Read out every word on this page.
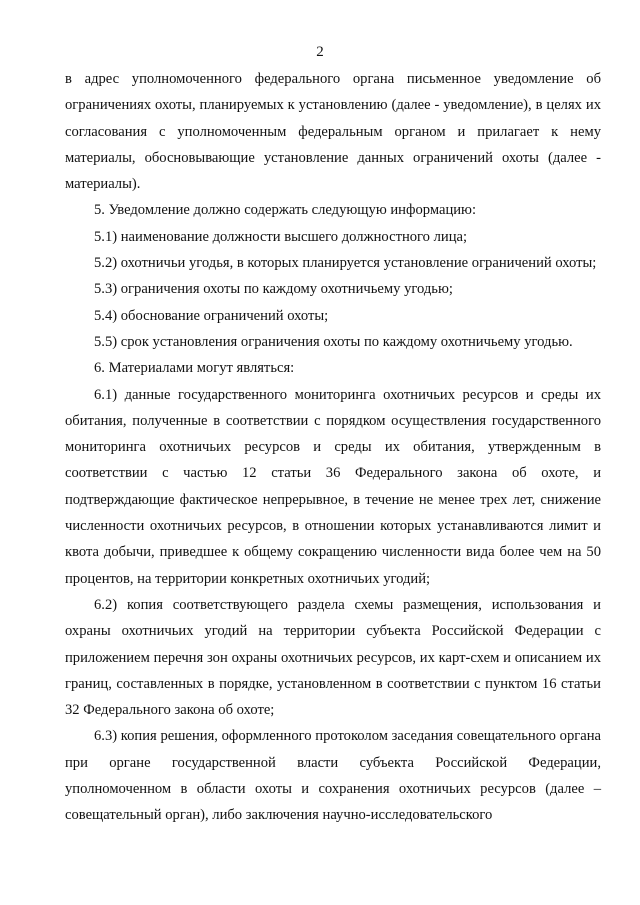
2

в адрес уполномоченного федерального органа письменное уведомление об ограничениях охоты, планируемых к установлению (далее - уведомление), в целях их согласования с уполномоченным федеральным органом и прилагает к нему материалы, обосновывающие установление данных ограничений охоты (далее - материалы).

5. Уведомление должно содержать следующую информацию:

5.1) наименование должности высшего должностного лица;

5.2) охотничьи угодья, в которых планируется установление ограничений охоты;

5.3) ограничения охоты по каждому охотничьему угодью;

5.4) обоснование ограничений охоты;

5.5) срок установления ограничения охоты по каждому охотничьему угодью.

6. Материалами могут являться:

6.1) данные государственного мониторинга охотничьих ресурсов и среды их обитания, полученные в соответствии с порядком осуществления государственного мониторинга охотничьих ресурсов и среды их обитания, утвержденным в соответствии с частью 12 статьи 36 Федерального закона об охоте, и подтверждающие фактическое непрерывное, в течение не менее трех лет, снижение численности охотничьих ресурсов, в отношении которых устанавливаются лимит и квота добычи, приведшее к общему сокращению численности вида более чем на 50 процентов, на территории конкретных охотничьих угодий;

6.2) копия соответствующего раздела схемы размещения, использования и охраны охотничьих угодий на территории субъекта Российской Федерации с приложением перечня зон охраны охотничьих ресурсов, их карт-схем и описанием их границ, составленных в порядке, установленном в соответствии с пунктом 16 статьи 32 Федерального закона об охоте;

6.3) копия решения, оформленного протоколом заседания совещательного органа при органе государственной власти субъекта Российской Федерации, уполномоченном в области охоты и сохранения охотничьих ресурсов (далее – совещательный орган), либо заключения научно-исследовательского
